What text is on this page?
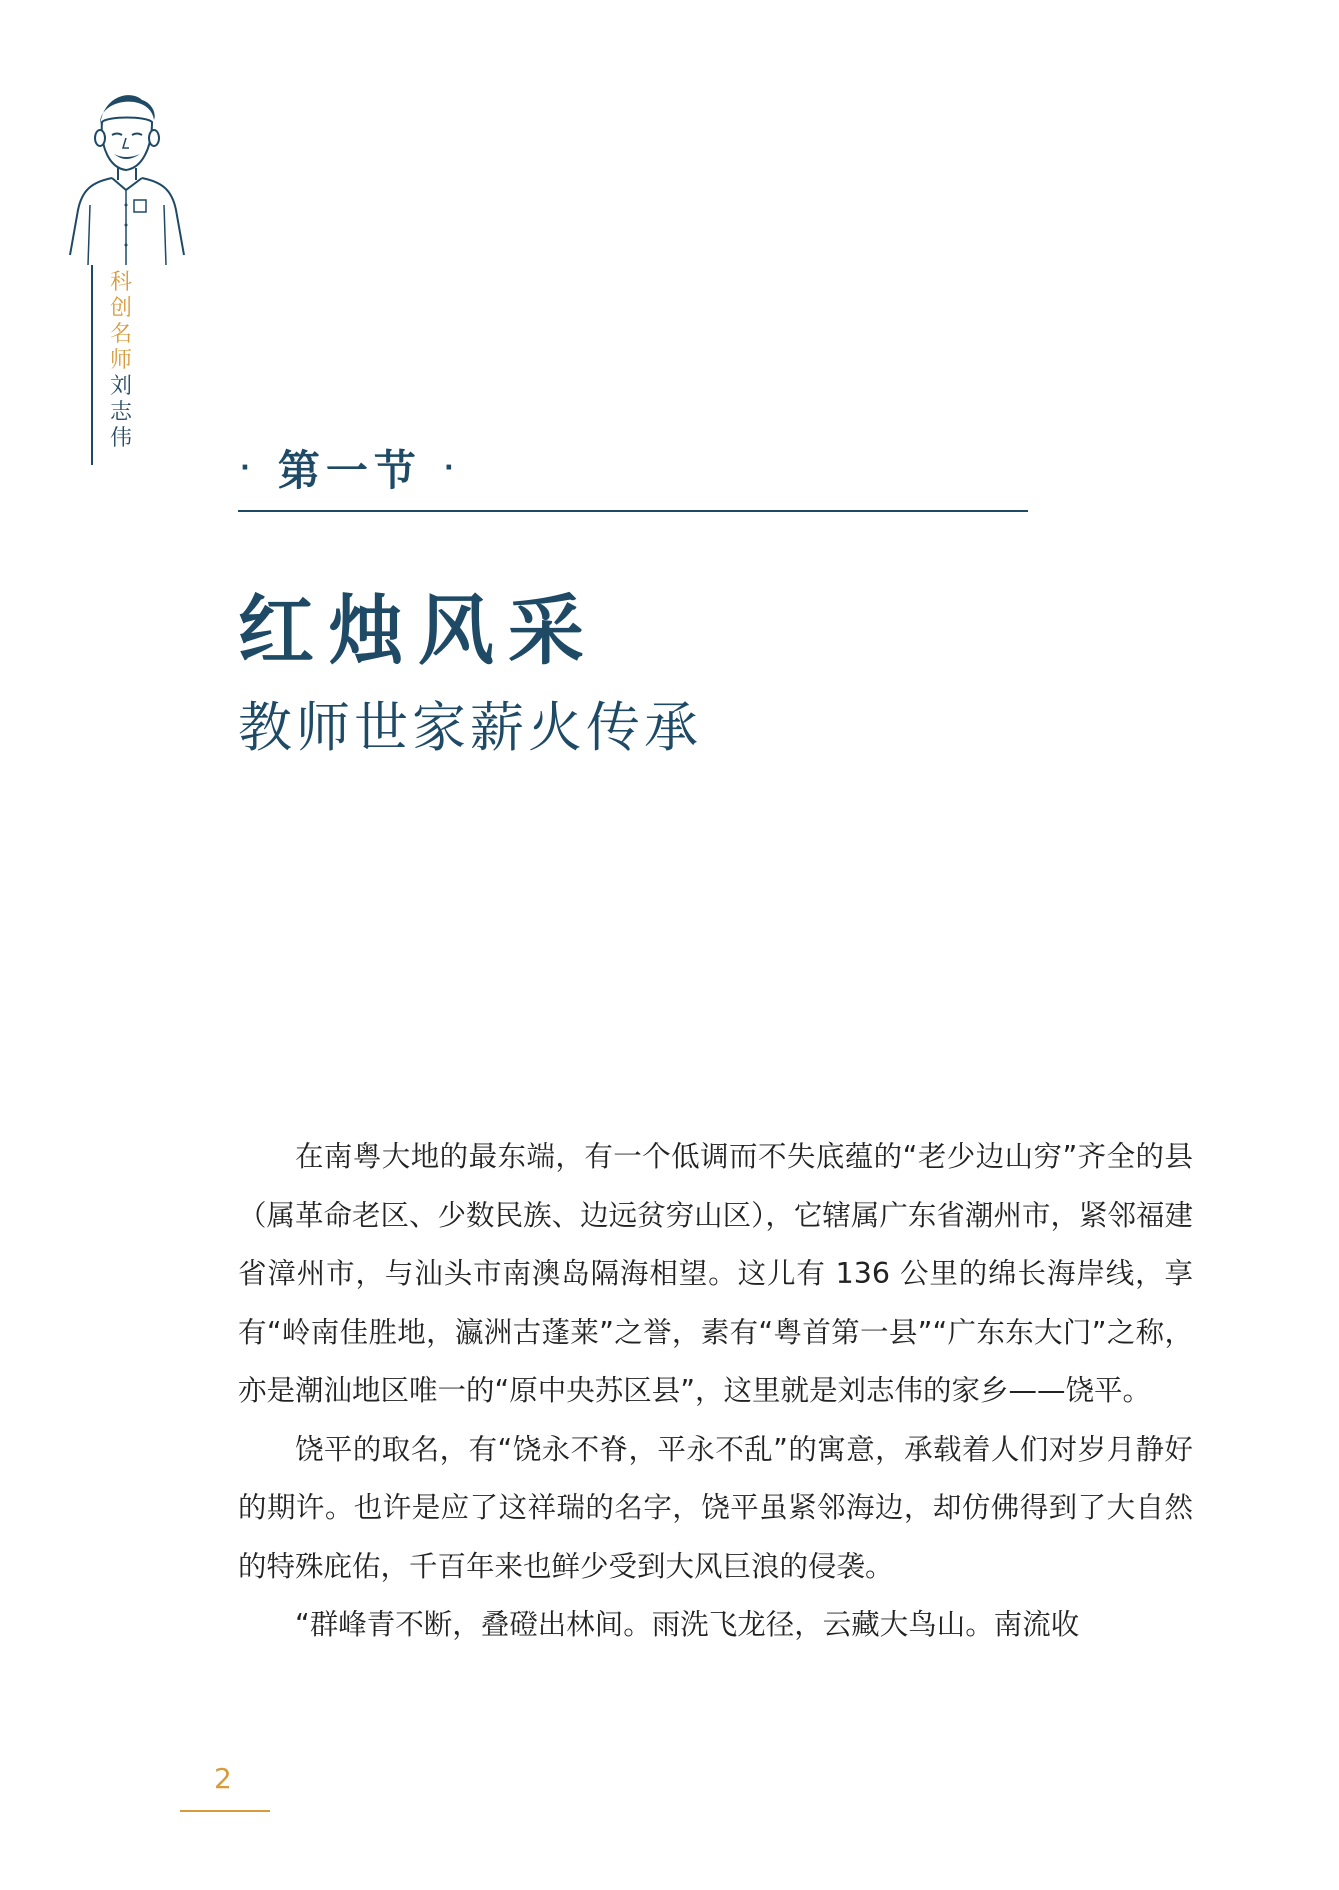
科
创
名
师
刘
志
伟
· 第一节 ·
红烛风采
教师世家薪火传承

在南粤大地的最东端，有一个低调而不失底蕴的“老少边山穷”齐全的县（属革命老区、少数民族、边远贫穷山区），它辖属广东省潮州市，紧邻福建省漳州市，与汕头市南澳岛隔海相望。这儿有 136 公里的绵长海岸线，享有“岭南佳胜地，瀛洲古蓬莱”之誉，素有“粤首第一县”“广东东大门”之称，亦是潮汕地区唯一的“原中央苏区县”，这里就是刘志伟的家乡——饶平。

饶平的取名，有“饶永不脊，平永不乱”的寓意，承载着人们对岁月静好的期许。也许是应了这祥瑞的名字，饶平虽紧邻海边，却仿佛得到了大自然的特殊庇佑，千百年来也鲜少受到大风巨浪的侵袭。

“群峰青不断，叠磴出林间。雨洗飞龙径，云藏大鸟山。南流收

2
